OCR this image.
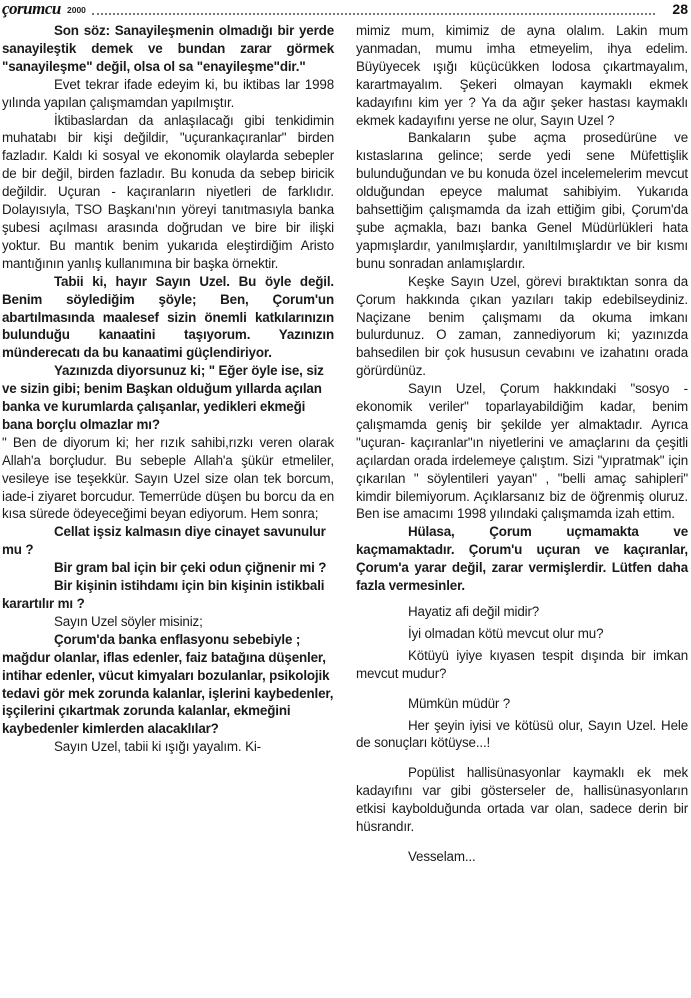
çorumcu 2000	28

Son söz: Sanayileşmenin olmadığı bir yerde sanayileştik demek ve bundan zarar görmek "sanayileşme" değil, olsa ol sa "enayileşme"dir."

Evet tekrar ifade edeyim ki, bu iktibas lar 1998 yılında yapılan çalışmamdan yapılmıştır.

İktibaslardan da anlaşılacağı gibi tenkidimin muhatabı bir kişi değildir, "uçurankaçıranlar" birden fazladır. Kaldı ki sosyal ve ekonomik olaylarda sebepler de bir değil, birden fazladır. Bu konuda da sebep biricik değildir. Uçuran - kaçıranların niyetleri de farklıdır. Dolayısıyla, TSO Başkanı'nın yöreyi tanıtmasıyla banka şubesi açılması arasında doğrudan ve bire bir ilişki yoktur. Bu mantık benim yukarıda eleştirdiğim Aristo mantığının yanlış kullanımına bir başka örnektir.

Tabii ki, hayır Sayın Uzel. Bu öyle değil. Benim söylediğim şöyle; Ben, Çorum'un abartılmasında maalesef sizin önemli katkılarınızın bulunduğu kanaatini taşıyorum. Yazınızın münderecatı da bu kanaatimi güçlendiriyor.

Yazınızda diyorsunuz ki; " Eğer öyle ise, siz ve sizin gibi; benim Başkan olduğum yıllarda açılan banka ve kurumlarda çalışanlar, yedikleri ekmeği bana borçlu olmazlar mı?

" Ben de diyorum ki; her rızık sahibi,rızkı veren olarak Allah'a borçludur. Bu sebeple Allah'a şükür etmeliler, vesileye ise teşekkür. Sayın Uzel size olan tek borcum, iade-i ziyaret borcudur. Temerrüde düşen bu borcu da en kısa sürede ödeyeceğimi beyan ediyorum. Hem sonra;

Cellat işsiz kalmasın diye cinayet savunulur mu ?

Bir gram bal için bir çeki odun çiğnenir mi ?

Bir kişinin istihdamı için bin kişinin istikbali karartılır mı ?

Sayın Uzel söyler misiniz;

Çorum'da banka enflasyonu sebebiyle ; mağdur olanlar, iflas edenler, faiz batağına düşenler, intihar edenler, vücut kimyaları bozulanlar, psikolojik tedavi gör mek zorunda kalanlar, işlerini kaybedenler, işçilerini çıkartmak zorunda kalanlar, ekmeğini kaybedenler kimlerden alacaklılar?

Sayın Uzel, tabii ki ışığı yayalım. Ki-

mimiz mum, kimimiz de ayna olalım. Lakin mum yanmadan, mumu imha etmeyelim, ihya edelim. Büyüyecek ışığı küçücükken lodosa çıkartmayalım, karartmayalım. Şekeri olmayan kaymaklı ekmek kadayıfını kim yer ? Ya da ağır şeker hastası kaymaklı ekmek kadayıfını yerse ne olur, Sayın Uzel ?

Bankaların şube açma prosedürüne ve kıstaslarına gelince; serde yedi sene Müfettişlik bulunduğundan ve bu konuda özel incelemelerim mevcut olduğundan epeyce malumat sahibiyim. Yukarıda bahsettiğim çalışmamda da izah ettiğim gibi, Çorum'da şube açmakla, bazı banka Genel Müdürlükleri hata yapmışlardır, yanılmışlardır, yanıltılmışlardır ve bir kısmı bunu sonradan anlamışlardır.

Keşke Sayın Uzel, görevi bıraktıktan sonra da Çorum hakkında çıkan yazıları takip edebilseydiniz. Naçizane benim çalışmamı da okuma imkanı bulurdunuz. O zaman, zannediyorum ki; yazınızda bahsedilen bir çok hususun cevabını ve izahatını orada görürdünüz.

Sayın Uzel, Çorum hakkındaki "sosyo - ekonomik veriler" toparlayabildiğim kadar, benim çalışmamda geniş bir şekilde yer almaktadır. Ayrıca "uçuran- kaçıranlar"ın niyetlerini ve amaçlarını da çeşitli açılardan orada irdelemeye çalıştım. Sizi "yıpratmak" için çıkarılan " söylentileri yayan" , "belli amaç sahipleri" kimdir bilemiyorum. Açıklarsanız biz de öğrenmiş oluruz. Ben ise amacımı 1998 yılındaki çalışmamda izah ettim.

Hülasa, Çorum uçmamakta ve kaçmamaktadır. Çorum'u uçuran ve kaçıranlar, Çorum'a yarar değil, zarar vermişlerdir. Lütfen daha fazla vermesinler.

Hayatiz afi değil midir?

İyi olmadan kötü mevcut olur mu?

Kötüyü iyiye kıyasen tespit dışında bir imkan mevcut mudur?

Mümkün müdür ?

Her şeyin iyisi ve kötüsü olur, Sayın Uzel. Hele de sonuçları kötüyse...!

Popülist hallisünasyonlar kaymaklı ek mek kadayıfını var gibi gösterseler de, hallisünasyonların etkisi kaybolduğunda ortada var olan, sadece derin bir hüsrandır.

Vesselam...
